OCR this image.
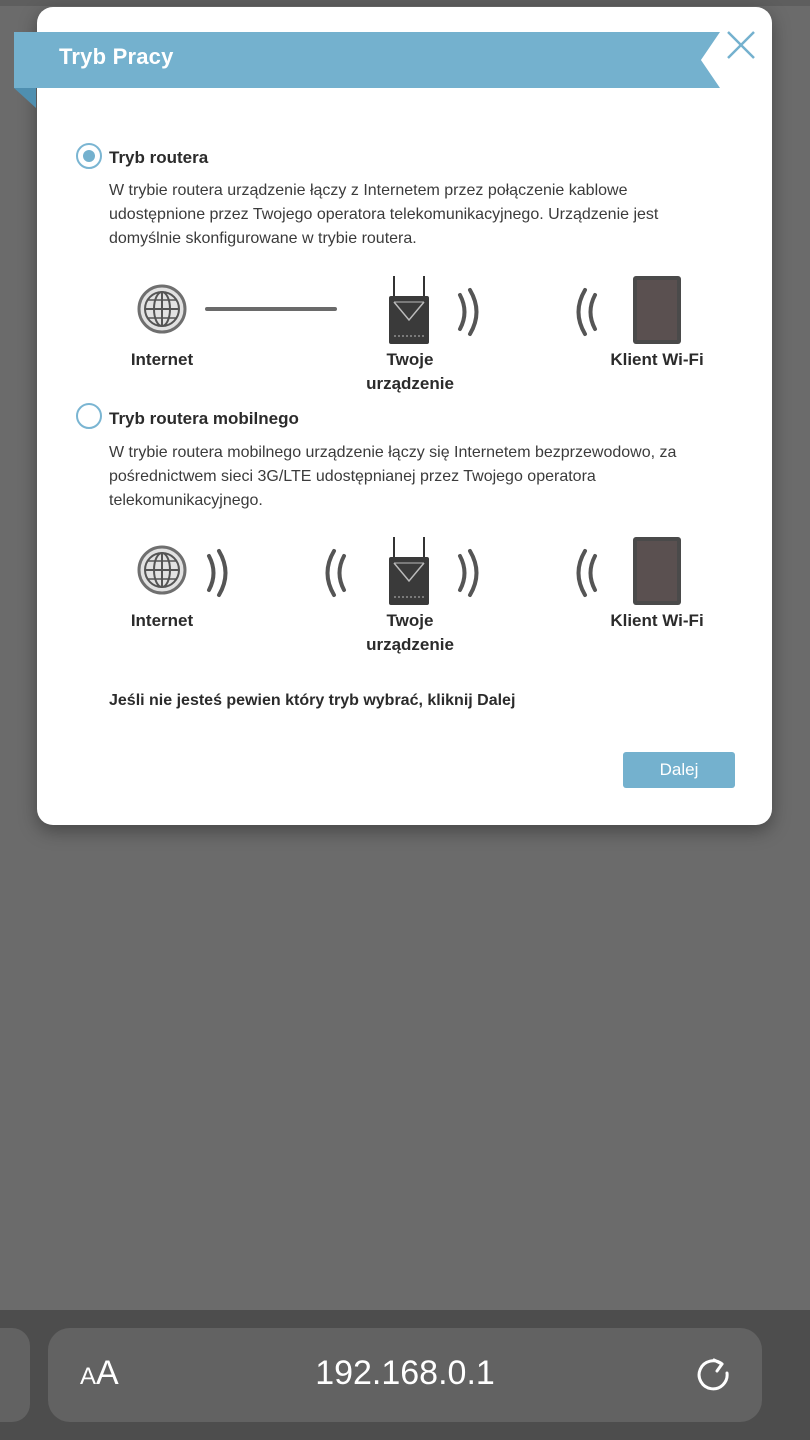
Tryb Pracy
Tryb routera
W trybie routera urządzenie łączy z Internetem przez połączenie kablowe udostępnione przez Twojego operatora telekomunikacyjnego. Urządzenie jest domyślnie skonfigurowane w trybie routera.
Internet	Twoje
urządzenie
Klient Wi-Fi
Tryb routera mobilnego
W trybie routera mobilnego urządzenie łączy się Internetem bezprzewodowo, za pośrednictwem sieci 3G/LTE udostępnianej przez Twojego operatora telekomunikacyjnego.
Internet	Twoje
urządzenie
Klient Wi-Fi
Jeśli nie jesteś pewien który tryb wybrać, kliknij Dalej
Dalej
AA	192.168.0.1
